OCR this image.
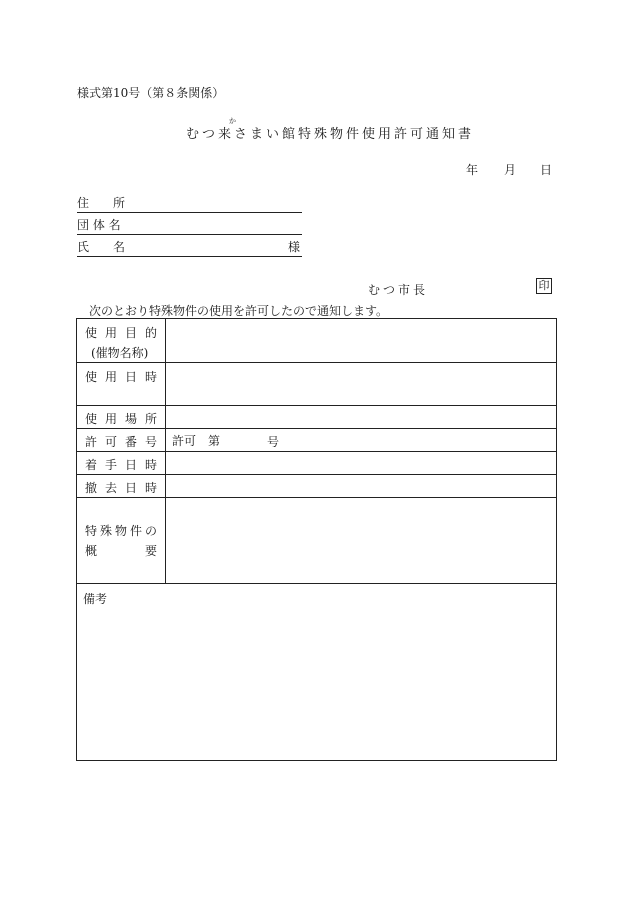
様式第10号（第８条関係）
か
むつ来さまい館特殊物件使用許可通知書
年 月 日
住　　所
団 体 名
氏　　名	様
むつ市長	印
次のとおり特殊物件の使用を許可したので通知します。
使用目的
(催物名称)	

使用日時	

使用場所	

許可番号	許可　第 号

着手日時	

撤去日時	

特殊物件の
概　　要	

備考	
